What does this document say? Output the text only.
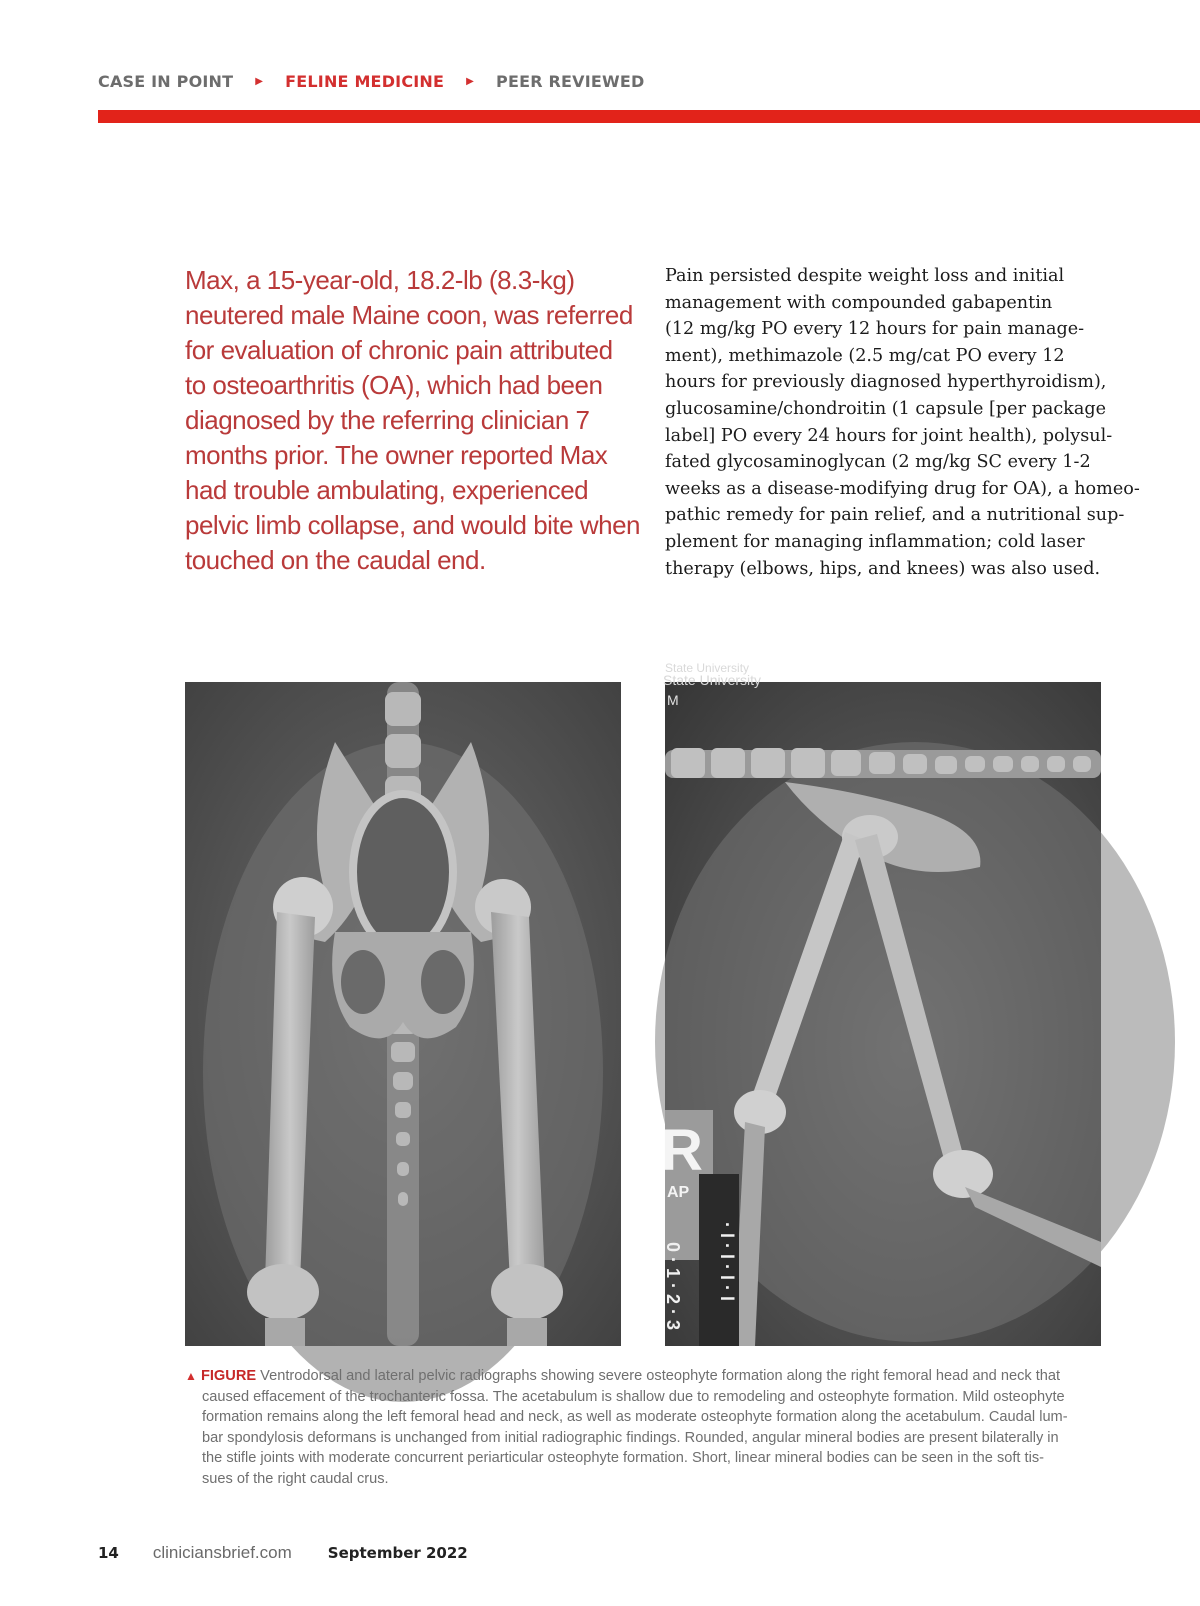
CASE IN POINT ▶ FELINE MEDICINE ▶ PEER REVIEWED
Max, a 15-year-old, 18.2-lb (8.3-kg)
neutered male Maine coon, was referred
for evaluation of chronic pain attributed
to osteoarthritis (OA), which had been
diagnosed by the referring clinician 7
months prior. The owner reported Max
had trouble ambulating, experienced
pelvic limb collapse, and would bite when
touched on the caudal end.
Pain persisted despite weight loss and initial
management with compounded gabapentin
(12 mg/kg PO every 12 hours for pain manage-
ment), methimazole (2.5 mg/cat PO every 12
hours for previously diagnosed hyperthyroidism),
glucosamine/chondroitin (1 capsule [per package
label] PO every 24 hours for joint health), polysul-
fated glycosaminoglycan (2 mg/kg SC every 1-2
weeks as a disease-modifying drug for OA), a homeo-
pathic remedy for pain relief, and a nutritional sup-
plement for managing inflammation; cold laser
therapy (elbows, hips, and knees) was also used.
State University
State University
M
R
AP
0 · 1 · 2 · 3 · l · l · l · l
▲ FIGURE Ventrodorsal and lateral pelvic radiographs showing severe osteophyte formation along the right femoral head and neck that
caused effacement of the trochanteric fossa. The acetabulum is shallow due to remodeling and osteophyte formation. Mild osteophyte
formation remains along the left femoral head and neck, as well as moderate osteophyte formation along the acetabulum. Caudal lum-
bar spondylosis deformans is unchanged from initial radiographic findings. Rounded, angular mineral bodies are present bilaterally in
the stifle joints with moderate concurrent periarticular osteophyte formation. Short, linear mineral bodies can be seen in the soft tis-
sues of the right caudal crus.
14 cliniciansbrief.com September 2022
